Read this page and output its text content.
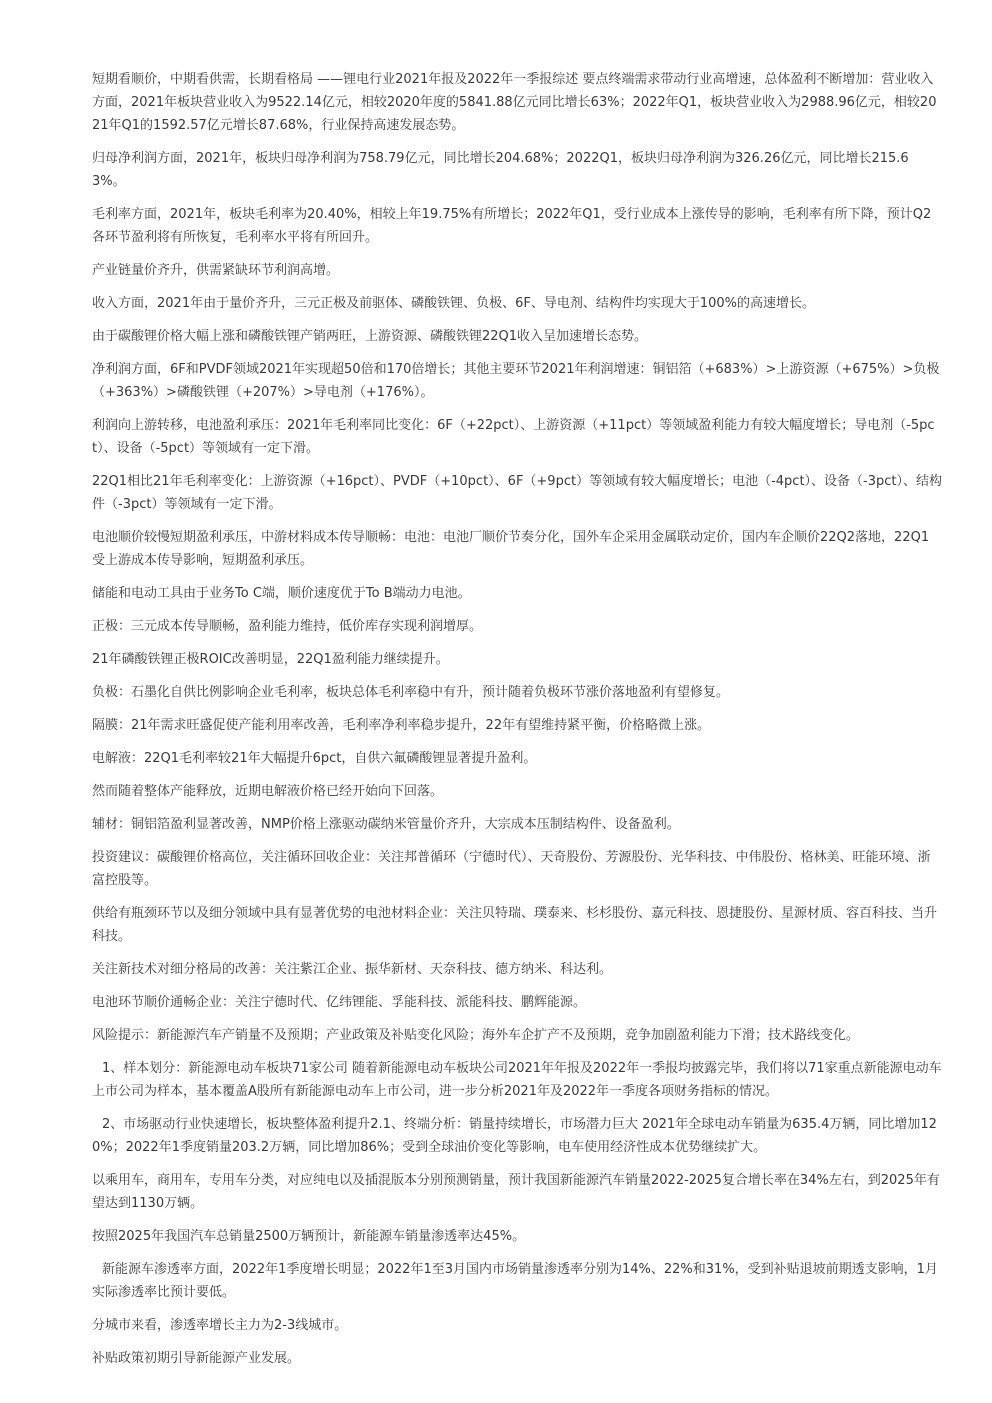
短期看顺价，中期看供需，长期看格局 ——锂电行业2021年报及2022年一季报综述 要点终端需求带动行业高增速，总体盈利不断增加：营业收入方面，2021年板块营业收入为9522.14亿元，相较2020年度的5841.88亿元同比增长63%；2022年Q1，板块营业收入为2988.96亿元，相较2021年Q1的1592.57亿元增长87.68%，行业保持高速发展态势。

归母净利润方面，2021年，板块归母净利润为758.79亿元，同比增长204.68%；2022Q1，板块归母净利润为326.26亿元，同比增长215.63%。

毛利率方面，2021年，板块毛利率为20.40%，相较上年19.75%有所增长；2022年Q1，受行业成本上涨传导的影响，毛利率有所下降，预计Q2各环节盈利将有所恢复，毛利率水平将有所回升。

产业链量价齐升，供需紧缺环节利润高增。

收入方面，2021年由于量价齐升，三元正极及前驱体、磷酸铁锂、负极、6F、导电剂、结构件均实现大于100%的高速增长。

由于碳酸锂价格大幅上涨和磷酸铁锂产销两旺，上游资源、磷酸铁锂22Q1收入呈加速增长态势。

净利润方面，6F和PVDF领域2021年实现超50倍和170倍增长；其他主要环节2021年利润增速：铜铝箔（+683%）>上游资源（+675%）>负极（+363%）>磷酸铁锂（+207%）>导电剂（+176%）。

利润向上游转移，电池盈利承压：2021年毛利率同比变化：6F（+22pct）、上游资源（+11pct）等领域盈利能力有较大幅度增长；导电剂（-5pct）、设备（-5pct）等领域有一定下滑。

22Q1相比21年毛利率变化：上游资源（+16pct）、PVDF（+10pct）、6F（+9pct）等领域有较大幅度增长；电池（-4pct）、设备（-3pct）、结构件（-3pct）等领域有一定下滑。

电池顺价较慢短期盈利承压，中游材料成本传导顺畅：电池：电池厂顺价节奏分化，国外车企采用金属联动定价，国内车企顺价22Q2落地，22Q1受上游成本传导影响，短期盈利承压。

储能和电动工具由于业务To C端，顺价速度优于To B端动力电池。

正极：三元成本传导顺畅，盈利能力维持，低价库存实现利润增厚。

21年磷酸铁锂正极ROIC改善明显，22Q1盈利能力继续提升。

负极：石墨化自供比例影响企业毛利率，板块总体毛利率稳中有升，预计随着负极环节涨价落地盈利有望修复。

隔膜：21年需求旺盛促使产能利用率改善，毛利率净利率稳步提升，22年有望维持紧平衡，价格略微上涨。

电解液：22Q1毛利率较21年大幅提升6pct，自供六氟磷酸锂显著提升盈利。

然而随着整体产能释放，近期电解液价格已经开始向下回落。

辅材：铜铝箔盈利显著改善，NMP价格上涨驱动碳纳米管量价齐升，大宗成本压制结构件、设备盈利。

投资建议：碳酸锂价格高位，关注循环回收企业：关注邦普循环（宁德时代）、天奇股份、芳源股份、光华科技、中伟股份、格林美、旺能环境、浙富控股等。

供给有瓶颈环节以及细分领域中具有显著优势的电池材料企业：关注贝特瑞、璞泰来、杉杉股份、嘉元科技、恩捷股份、星源材质、容百科技、当升科技。

关注新技术对细分格局的改善：关注紫江企业、振华新材、天奈科技、德方纳米、科达利。

电池环节顺价通畅企业：关注宁德时代、亿纬锂能、孚能科技、派能科技、鹏辉能源。

风险提示：新能源汽车产销量不及预期；产业政策及补贴变化风险；海外车企扩产不及预期，竞争加剧盈利能力下滑；技术路线变化。

1、样本划分：新能源电动车板块71家公司 随着新能源电动车板块公司2021年年报及2022年一季报均披露完毕，我们将以71家重点新能源电动车上市公司为样本，基本覆盖A股所有新能源电动车上市公司，进一步分析2021年及2022年一季度各项财务指标的情况。

2、市场驱动行业快速增长，板块整体盈利提升2.1、终端分析：销量持续增长，市场潜力巨大 2021年全球电动车销量为635.4万辆，同比增加120%；2022年1季度销量203.2万辆，同比增加86%；受到全球油价变化等影响，电车使用经济性成本优势继续扩大。

以乘用车，商用车，专用车分类，对应纯电以及插混版本分别预测销量，预计我国新能源汽车销量2022-2025复合增长率在34%左右，到2025年有望达到1130万辆。

按照2025年我国汽车总销量2500万辆预计，新能源车销量渗透率达45%。

新能源车渗透率方面，2022年1季度增长明显；2022年1至3月国内市场销量渗透率分别为14%、22%和31%，受到补贴退坡前期透支影响，1月实际渗透率比预计要低。

分城市来看，渗透率增长主力为2-3线城市。

补贴政策初期引导新能源产业发展。
